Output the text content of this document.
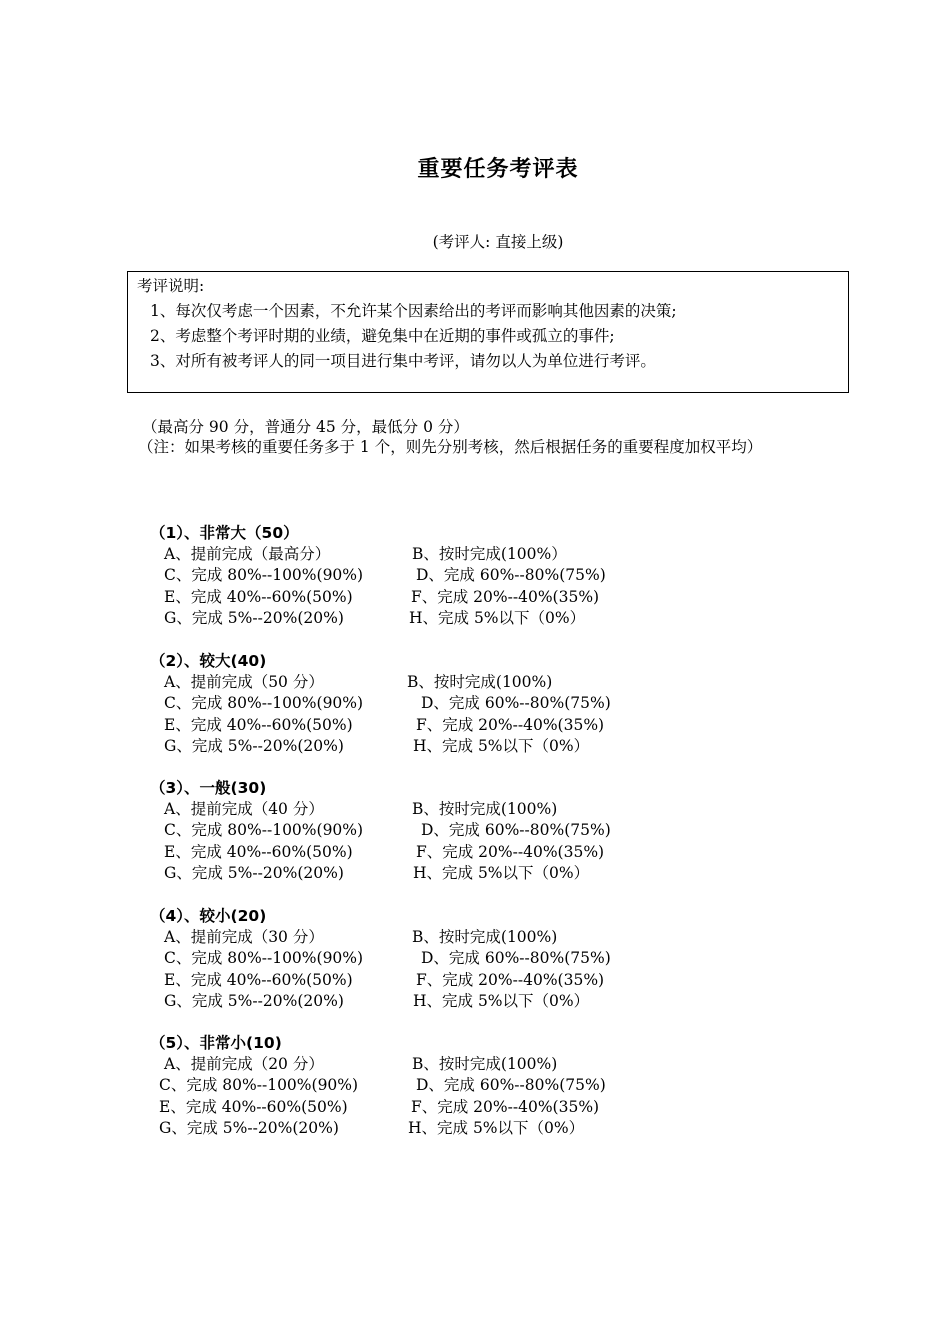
重要任务考评表
(考评人: 直接上级)
考评说明:
1、每次仅考虑一个因素，不允许某个因素给出的考评而影响其他因素的决策;
2、考虑整个考评时期的业绩，避免集中在近期的事件或孤立的事件;
3、对所有被考评人的同一项目进行集中考评，请勿以人为单位进行考评。
（最高分 90 分，普通分 45 分，最低分 0 分）
（注：如果考核的重要任务多于 1 个，则先分别考核，然后根据任务的重要程度加权平均）
（1）、非常大（50）
A、提前完成（最高分）	B、按时完成(100%）
C、完成 80%--100%(90%)	D、完成 60%--80%(75%)
E、完成 40%--60%(50%)	F、完成 20%--40%(35%)
G、完成 5%--20%(20%)	H、完成 5%以下（0%）
（2）、较大(40)
A、提前完成（50 分）	B、按时完成(100%)
C、完成 80%--100%(90%)	D、完成 60%--80%(75%)
E、完成 40%--60%(50%)	F、完成 20%--40%(35%)
G、完成 5%--20%(20%)	H、完成 5%以下（0%）
（3）、一般(30)
A、提前完成（40 分）	B、按时完成(100%)
C、完成 80%--100%(90%)	D、完成 60%--80%(75%)
E、完成 40%--60%(50%)	F、完成 20%--40%(35%)
G、完成 5%--20%(20%)	H、完成 5%以下（0%）
（4）、较小(20)
A、提前完成（30 分）	B、按时完成(100%)
C、完成 80%--100%(90%)	D、完成 60%--80%(75%)
E、完成 40%--60%(50%)	F、完成 20%--40%(35%)
G、完成 5%--20%(20%)	H、完成 5%以下（0%）
（5）、非常小(10)
A、提前完成（20 分）	B、按时完成(100%)
C、完成 80%--100%(90%)	D、完成 60%--80%(75%)
E、完成 40%--60%(50%)	F、完成 20%--40%(35%)
G、完成 5%--20%(20%)	H、完成 5%以下（0%）
